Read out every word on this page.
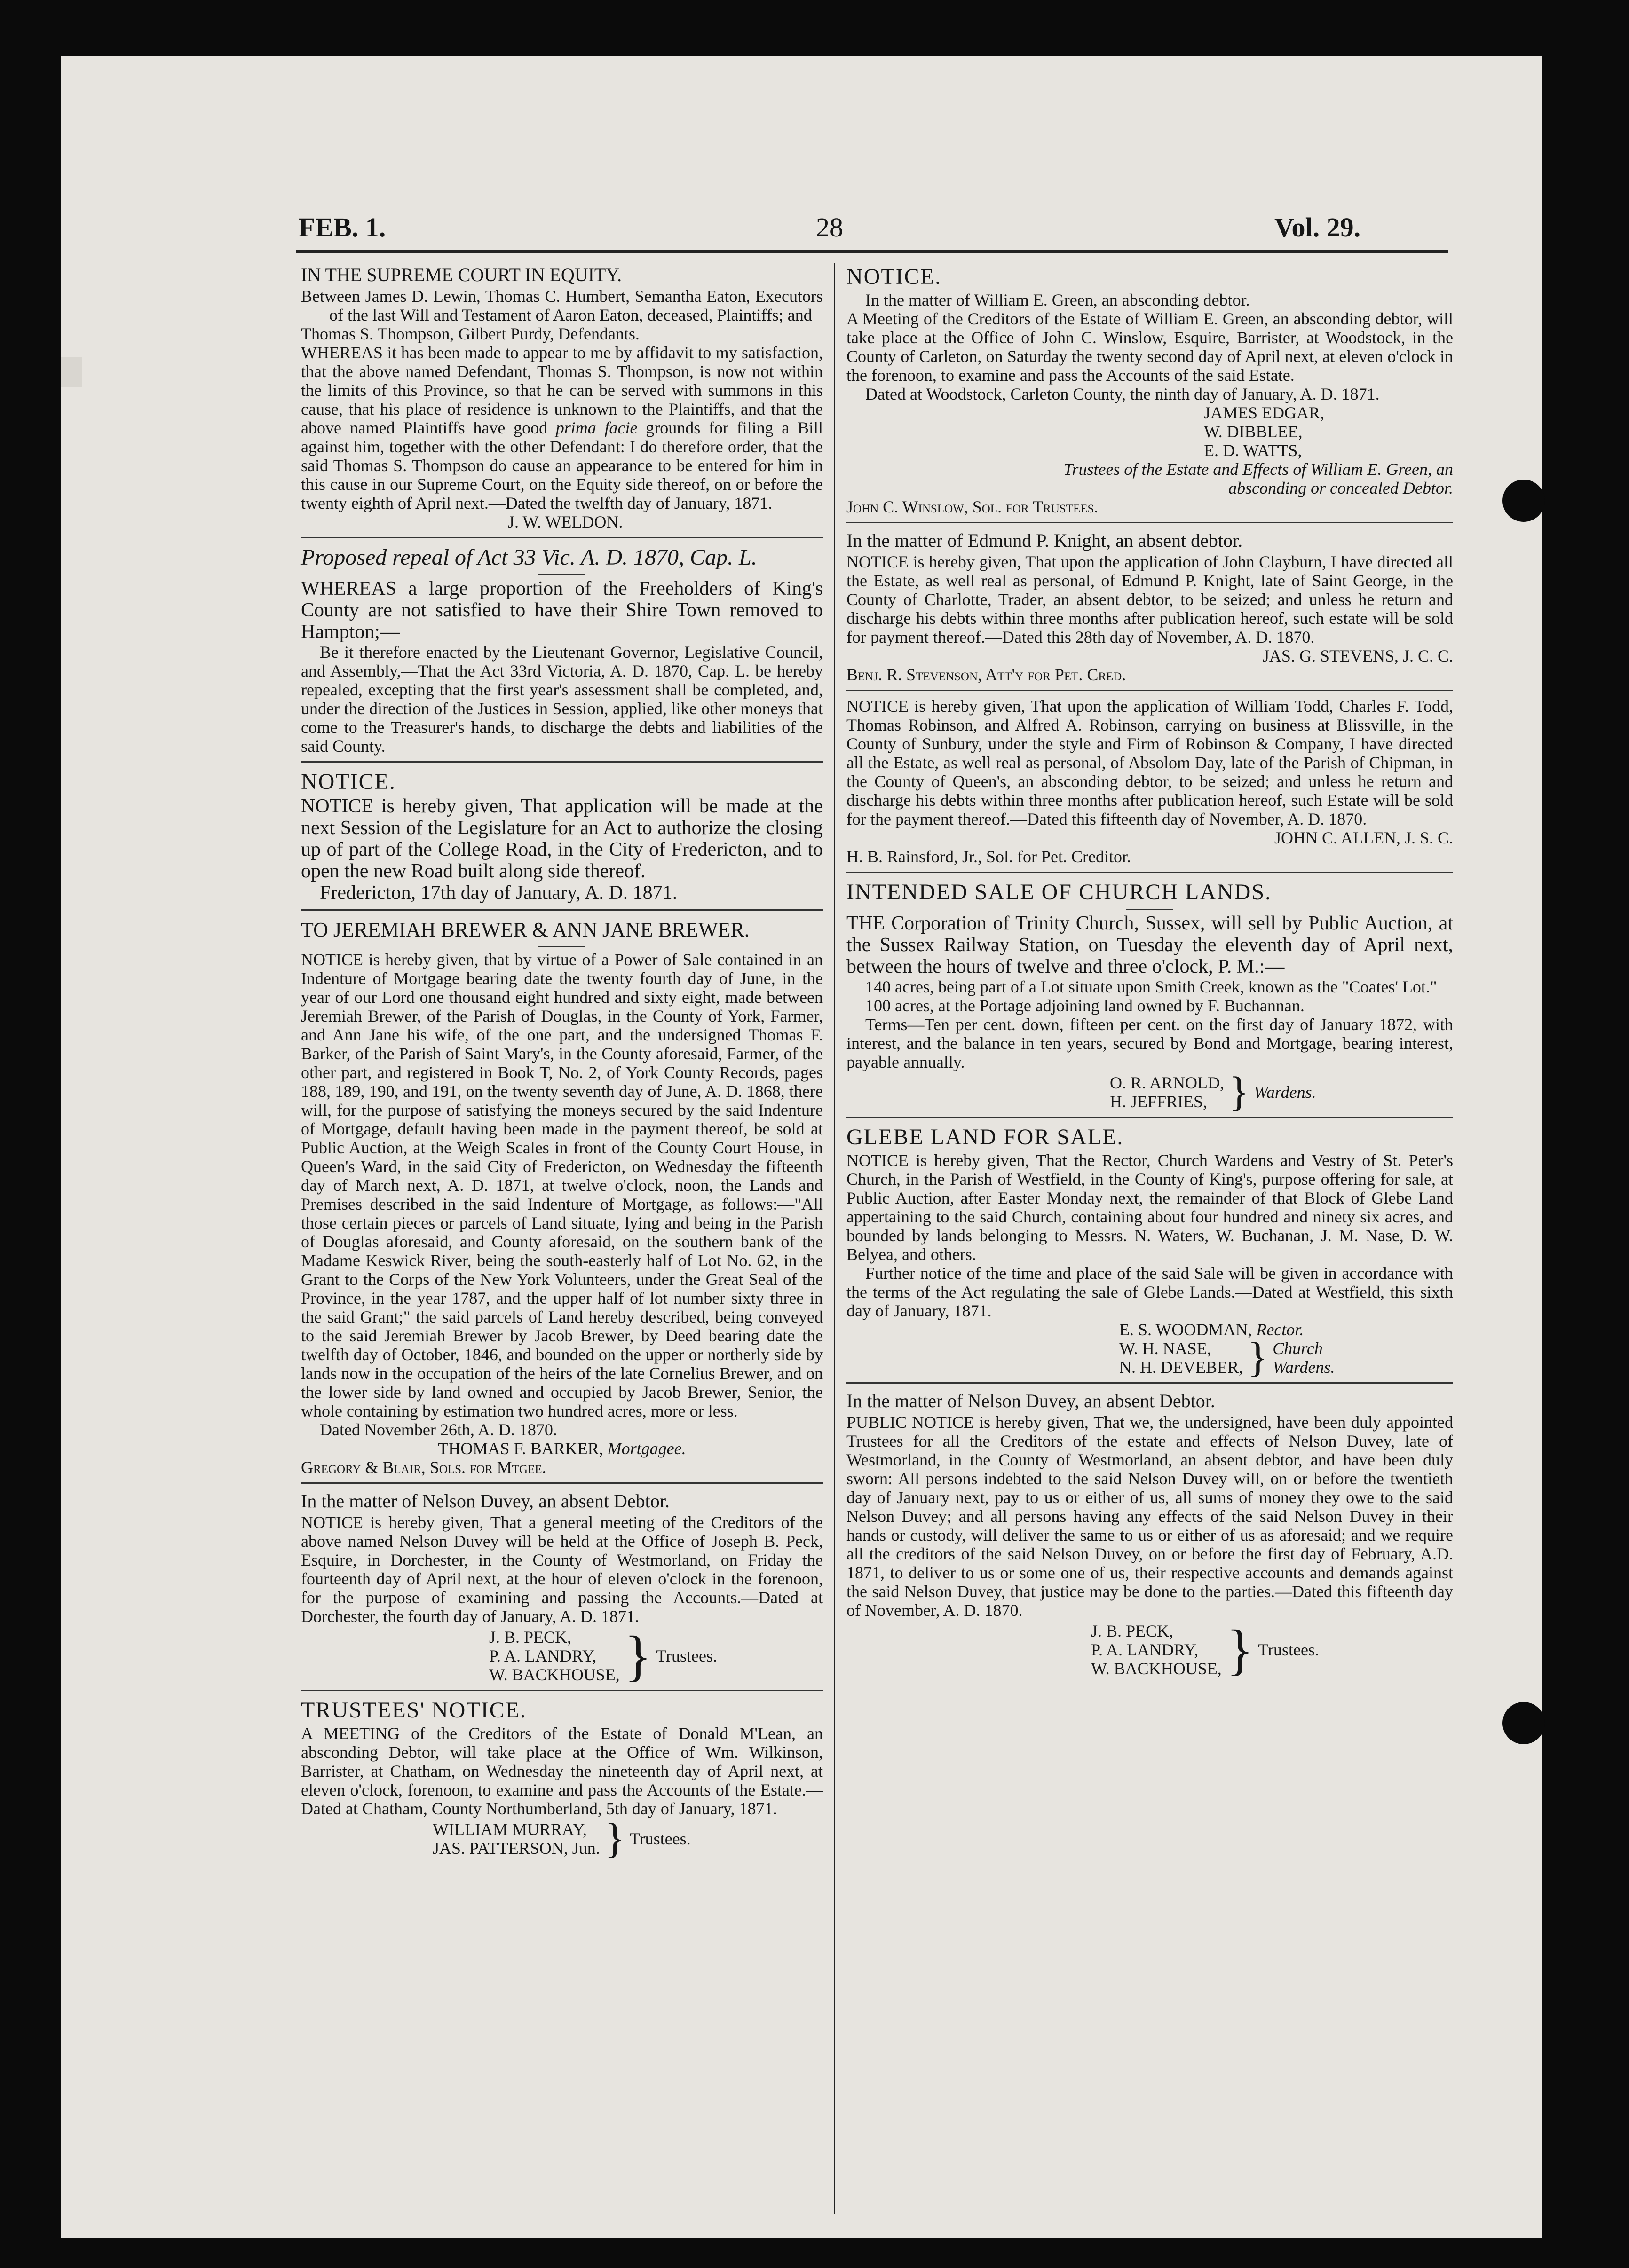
FEB. 1.	28	Vol. 29.

IN THE SUPREME COURT IN EQUITY.

Between James D. Lewin, Thomas C. Humbert, Semantha Eaton, Executors of the last Will and Testament of Aaron Eaton, deceased, Plaintiffs; and

Thomas S. Thompson, Gilbert Purdy, Defendants.

WHEREAS it has been made to appear to me by affidavit to my satisfaction, that the above named Defendant, Thomas S. Thompson, is now not within the limits of this Province, so that he can be served with summons in this cause, that his place of residence is unknown to the Plaintiffs, and that the above named Plaintiffs have good prima facie grounds for filing a Bill against him, together with the other Defendant: I do therefore order, that the said Thomas S. Thompson do cause an appearance to be entered for him in this cause in our Supreme Court, on the Equity side thereof, on or before the twenty eighth of April next.—Dated the twelfth day of January, 1871.

J. W. WELDON.

Proposed repeal of Act 33 Vic. A. D. 1870, Cap. L.

WHEREAS a large proportion of the Freeholders of King's County are not satisfied to have their Shire Town removed to Hampton;—

Be it therefore enacted by the Lieutenant Governor, Legislative Council, and Assembly,—That the Act 33rd Victoria, A. D. 1870, Cap. L. be hereby repealed, excepting that the first year's assessment shall be completed, and, under the direction of the Justices in Session, applied, like other moneys that come to the Treasurer's hands, to discharge the debts and liabilities of the said County.

NOTICE.

NOTICE is hereby given, That application will be made at the next Session of the Legislature for an Act to authorize the closing up of part of the College Road, in the City of Fredericton, and to open the new Road built along side thereof.

Fredericton, 17th day of January, A. D. 1871.

TO JEREMIAH BREWER & ANN JANE BREWER.

NOTICE is hereby given, that by virtue of a Power of Sale contained in an Indenture of Mortgage bearing date the twenty fourth day of June, in the year of our Lord one thousand eight hundred and sixty eight, made between Jeremiah Brewer, of the Parish of Douglas, in the County of York, Farmer, and Ann Jane his wife, of the one part, and the undersigned Thomas F. Barker, of the Parish of Saint Mary's, in the County aforesaid, Farmer, of the other part, and registered in Book T, No. 2, of York County Records, pages 188, 189, 190, and 191, on the twenty seventh day of June, A. D. 1868, there will, for the purpose of satisfying the moneys secured by the said Indenture of Mortgage, default having been made in the payment thereof, be sold at Public Auction, at the Weigh Scales in front of the County Court House, in Queen's Ward, in the said City of Fredericton, on Wednesday the fifteenth day of March next, A. D. 1871, at twelve o'clock, noon, the Lands and Premises described in the said Indenture of Mortgage, as follows:—"All those certain pieces or parcels of Land situate, lying and being in the Parish of Douglas aforesaid, and County aforesaid, on the southern bank of the Madame Keswick River, being the south-easterly half of Lot No. 62, in the Grant to the Corps of the New York Volunteers, under the Great Seal of the Province, in the year 1787, and the upper half of lot number sixty three in the said Grant;" the said parcels of Land hereby described, being conveyed to the said Jeremiah Brewer by Jacob Brewer, by Deed bearing date the twelfth day of October, 1846, and bounded on the upper or northerly side by lands now in the occupation of the heirs of the late Cornelius Brewer, and on the lower side by land owned and occupied by Jacob Brewer, Senior, the whole containing by estimation two hundred acres, more or less.

Dated November 26th, A. D. 1870.

THOMAS F. BARKER, Mortgagee.

Gregory & Blair, Sols. for Mtgee.

In the matter of Nelson Duvey, an absent Debtor.

NOTICE is hereby given, That a general meeting of the Creditors of the above named Nelson Duvey will be held at the Office of Joseph B. Peck, Esquire, in Dorchester, in the County of Westmorland, on Friday the fourteenth day of April next, at the hour of eleven o'clock in the forenoon, for the purpose of examining and passing the Accounts.—Dated at Dorchester, the fourth day of January, A. D. 1871.

J. B. PECK,
P. A. LANDRY,
W. BACKHOUSE, } Trustees.

TRUSTEES' NOTICE.

A MEETING of the Creditors of the Estate of Donald M'Lean, an absconding Debtor, will take place at the Office of Wm. Wilkinson, Barrister, at Chatham, on Wednesday the nineteenth day of April next, at eleven o'clock, forenoon, to examine and pass the Accounts of the Estate.—Dated at Chatham, County Northumberland, 5th day of January, 1871.

WILLIAM MURRAY,
JAS. PATTERSON, Jun. } Trustees.

NOTICE.

In the matter of William E. Green, an absconding debtor.

A Meeting of the Creditors of the Estate of William E. Green, an absconding debtor, will take place at the Office of John C. Winslow, Esquire, Barrister, at Woodstock, in the County of Carleton, on Saturday the twenty second day of April next, at eleven o'clock in the forenoon, to examine and pass the Accounts of the said Estate.

Dated at Woodstock, Carleton County, the ninth day of January, A. D. 1871.

JAMES EDGAR,

W. DIBBLEE,

E. D. WATTS,

Trustees of the Estate and Effects of William E. Green, an absconding or concealed Debtor.

John C. Winslow, Sol. for Trustees.

In the matter of Edmund P. Knight, an absent debtor.

NOTICE is hereby given, That upon the application of John Clayburn, I have directed all the Estate, as well real as personal, of Edmund P. Knight, late of Saint George, in the County of Charlotte, Trader, an absent debtor, to be seized; and unless he return and discharge his debts within three months after publication hereof, such estate will be sold for payment thereof.—Dated this 28th day of November, A. D. 1870.

JAS. G. STEVENS, J. C. C.

Benj. R. Stevenson, Att'y for Pet. Cred.

NOTICE is hereby given, That upon the application of William Todd, Charles F. Todd, Thomas Robinson, and Alfred A. Robinson, carrying on business at Blissville, in the County of Sunbury, under the style and Firm of Robinson & Company, I have directed all the Estate, as well real as personal, of Absolom Day, late of the Parish of Chipman, in the County of Queen's, an absconding debtor, to be seized; and unless he return and discharge his debts within three months after publication hereof, such Estate will be sold for the payment thereof.—Dated this fifteenth day of November, A. D. 1870.

JOHN C. ALLEN, J. S. C.

H. B. Rainsford, Jr., Sol. for Pet. Creditor.

INTENDED SALE OF CHURCH LANDS.

THE Corporation of Trinity Church, Sussex, will sell by Public Auction, at the Sussex Railway Station, on Tuesday the eleventh day of April next, between the hours of twelve and three o'clock, P. M.:—

140 acres, being part of a Lot situate upon Smith Creek, known as the "Coates' Lot."

100 acres, at the Portage adjoining land owned by F. Buchannan.

Terms—Ten per cent. down, fifteen per cent. on the first day of January 1872, with interest, and the balance in ten years, secured by Bond and Mortgage, bearing interest, payable annually.

O. R. ARNOLD,
H. JEFFRIES, } Wardens.

GLEBE LAND FOR SALE.

NOTICE is hereby given, That the Rector, Church Wardens and Vestry of St. Peter's Church, in the Parish of Westfield, in the County of King's, purpose offering for sale, at Public Auction, after Easter Monday next, the remainder of that Block of Glebe Land appertaining to the said Church, containing about four hundred and ninety six acres, and bounded by lands belonging to Messrs. N. Waters, W. Buchanan, J. M. Nase, D. W. Belyea, and others.

Further notice of the time and place of the said Sale will be given in accordance with the terms of the Act regulating the sale of Glebe Lands.—Dated at Westfield, this sixth day of January, 1871.

E. S. WOODMAN, Rector.

W. H. NASE,
N. H. DEVEBER, } Church
Wardens.

In the matter of Nelson Duvey, an absent Debtor.

PUBLIC NOTICE is hereby given, That we, the undersigned, have been duly appointed Trustees for all the Creditors of the estate and effects of Nelson Duvey, late of Westmorland, in the County of Westmorland, an absent debtor, and have been duly sworn: All persons indebted to the said Nelson Duvey will, on or before the twentieth day of January next, pay to us or either of us, all sums of money they owe to the said Nelson Duvey; and all persons having any effects of the said Nelson Duvey in their hands or custody, will deliver the same to us or either of us as aforesaid; and we require all the creditors of the said Nelson Duvey, on or before the first day of February, A.D. 1871, to deliver to us or some one of us, their respective accounts and demands against the said Nelson Duvey, that justice may be done to the parties.—Dated this fifteenth day of November, A. D. 1870.

J. B. PECK,
P. A. LANDRY,
W. BACKHOUSE, } Trustees.
